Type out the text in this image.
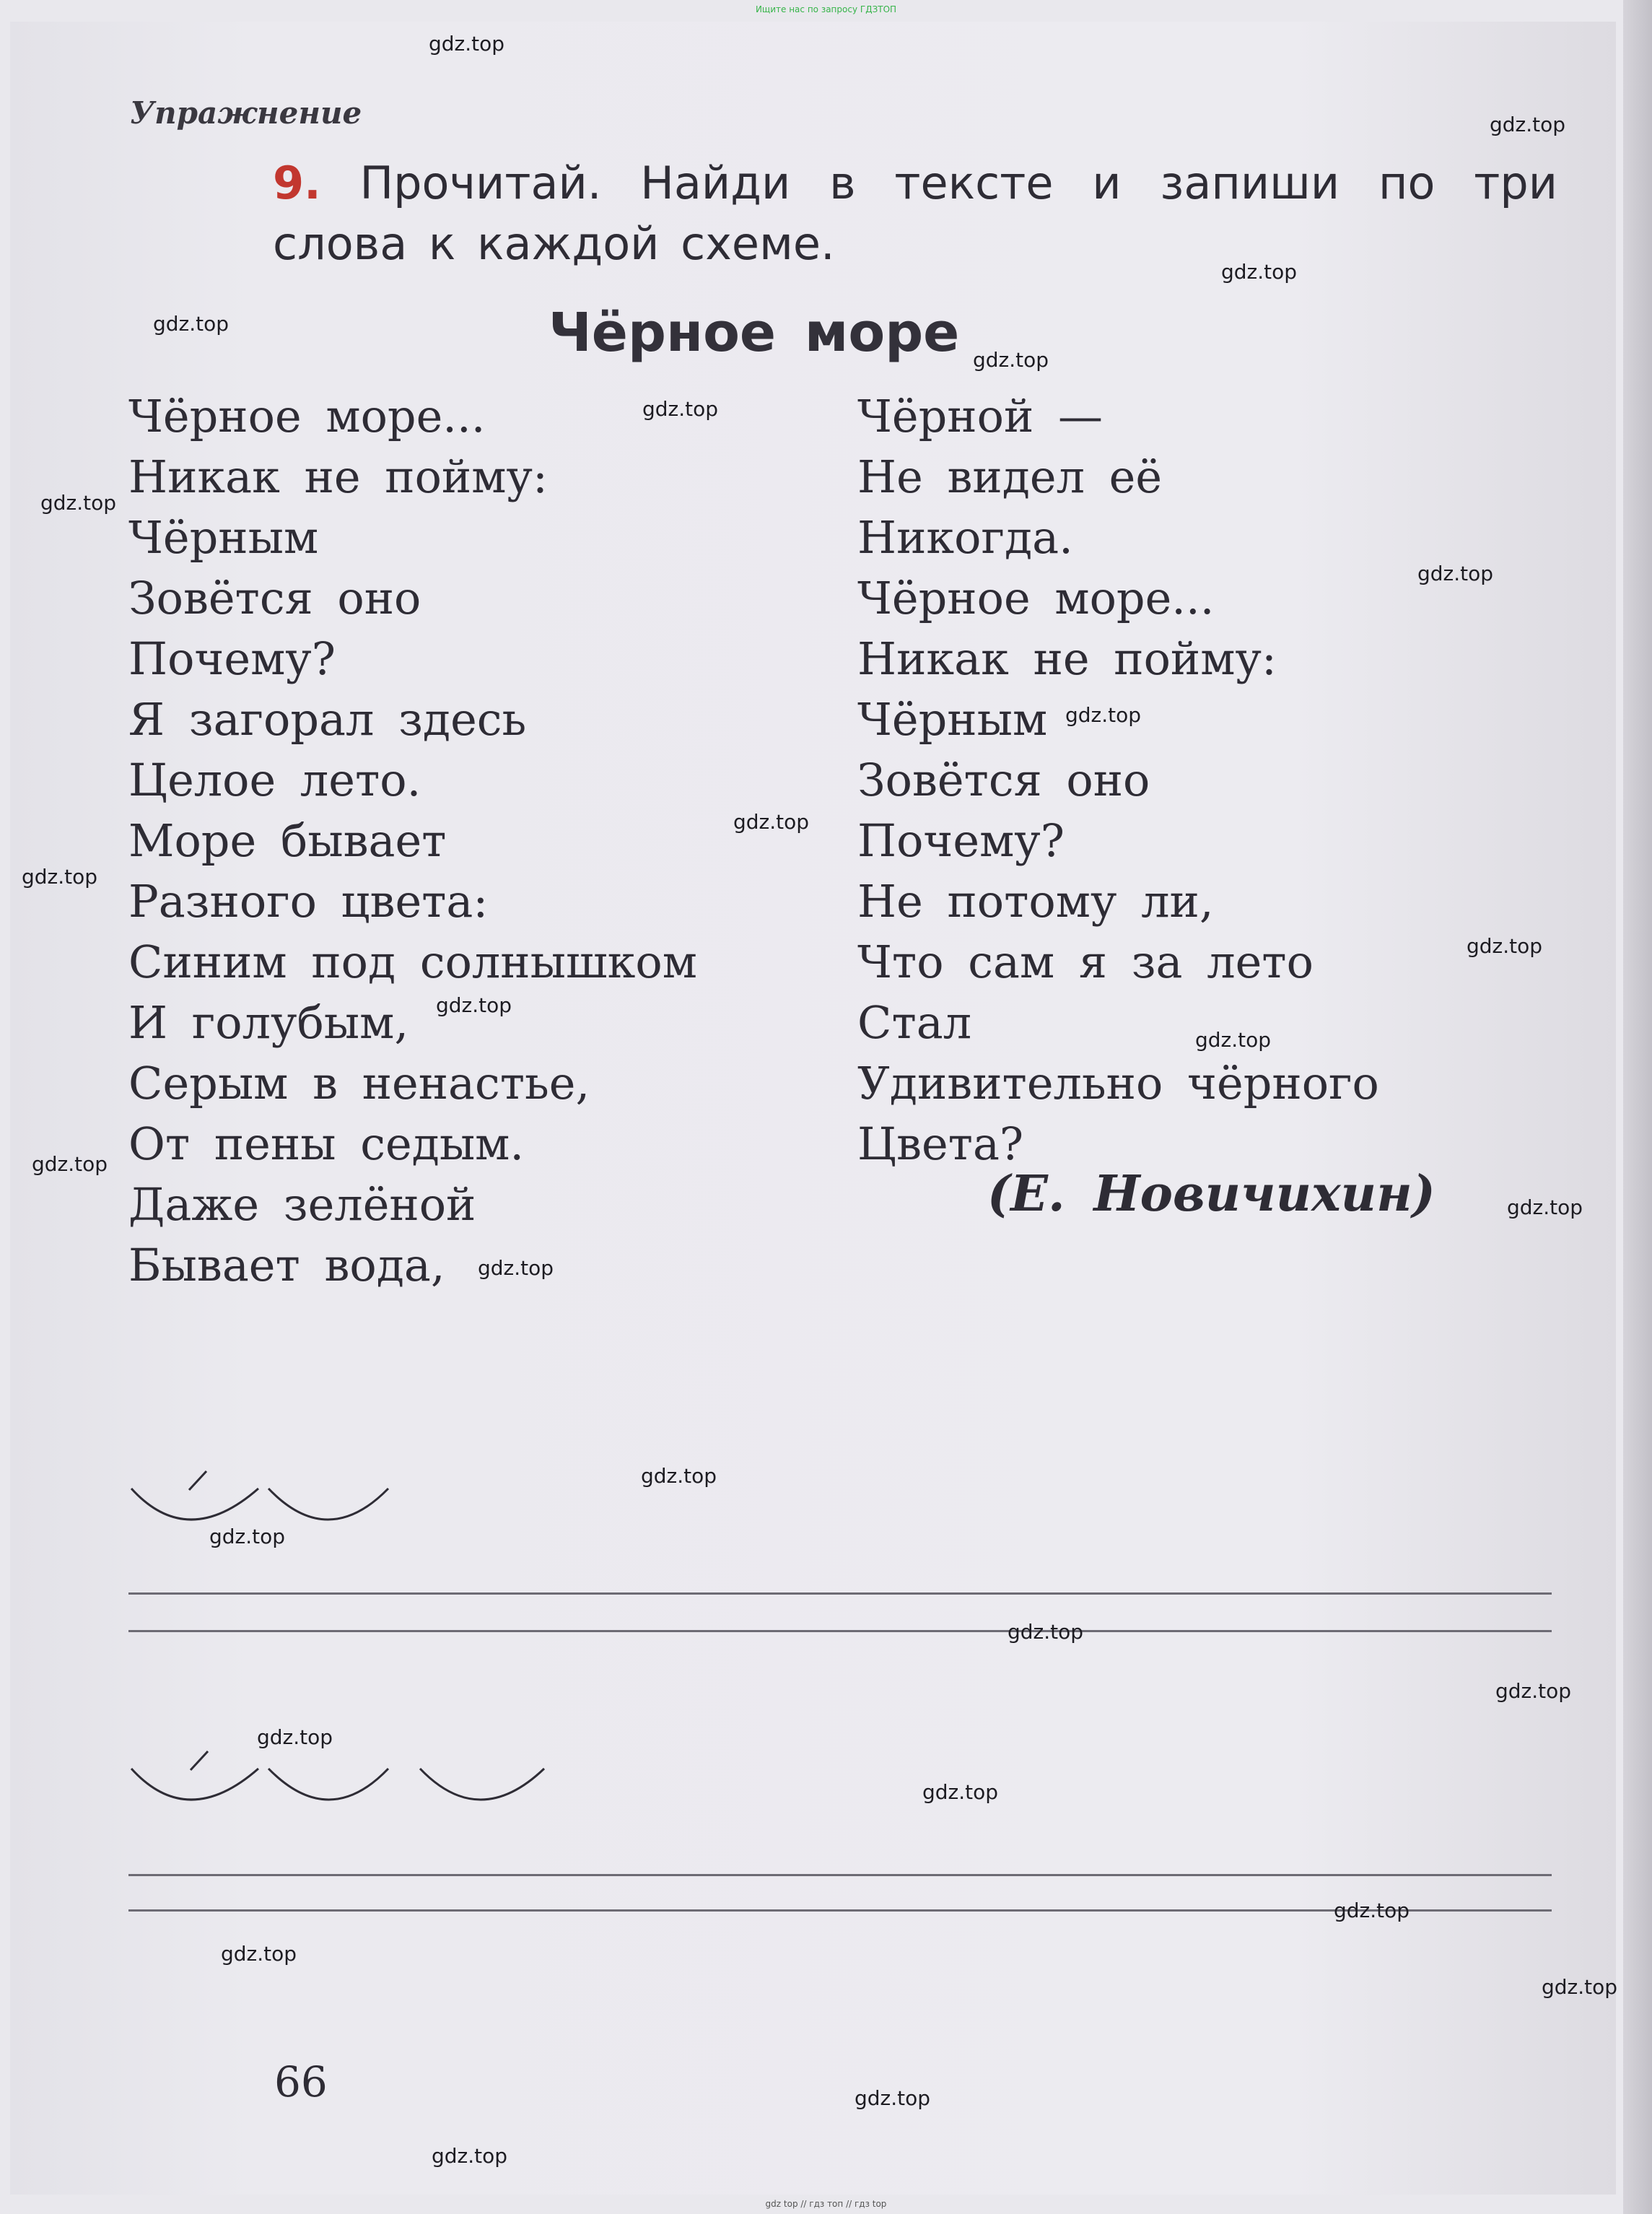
Ищите нас по запросу ГДЗТОП
Упражнение
9. Прочитай. Найди в тексте и запиши по три слова к каждой схеме.
Чёрное море
Чёрное море...
Никак не пойму:
Чёрным
Зовётся оно
Почему?
Я загорал здесь
Целое лето.
Море бывает
Разного цвета:
Синим под солнышком
И голубым,
Серым в ненастье,
От пены седым.
Даже зелёной
Бывает вода,
Чёрной —
Не видел её
Никогда.
Чёрное море...
Никак не пойму:
Чёрным
Зовётся оно
Почему?
Не потому ли,
Что сам я за лето
Стал
Удивительно чёрного
Цвета?
(Е. Новичихин)
66
gdz.top
gdz.top
gdz.top
gdz.top
gdz.top
gdz.top
gdz.top
gdz.top
gdz.top
gdz.top
gdz.top
gdz.top
gdz.top
gdz.top
gdz.top
gdz.top
gdz.top
gdz.top
gdz.top
gdz.top
gdz.top
gdz.top
gdz.top
gdz.top
gdz.top
gdz.top
gdz.top
gdz.top
gdz top // гдз топ // гдз top
